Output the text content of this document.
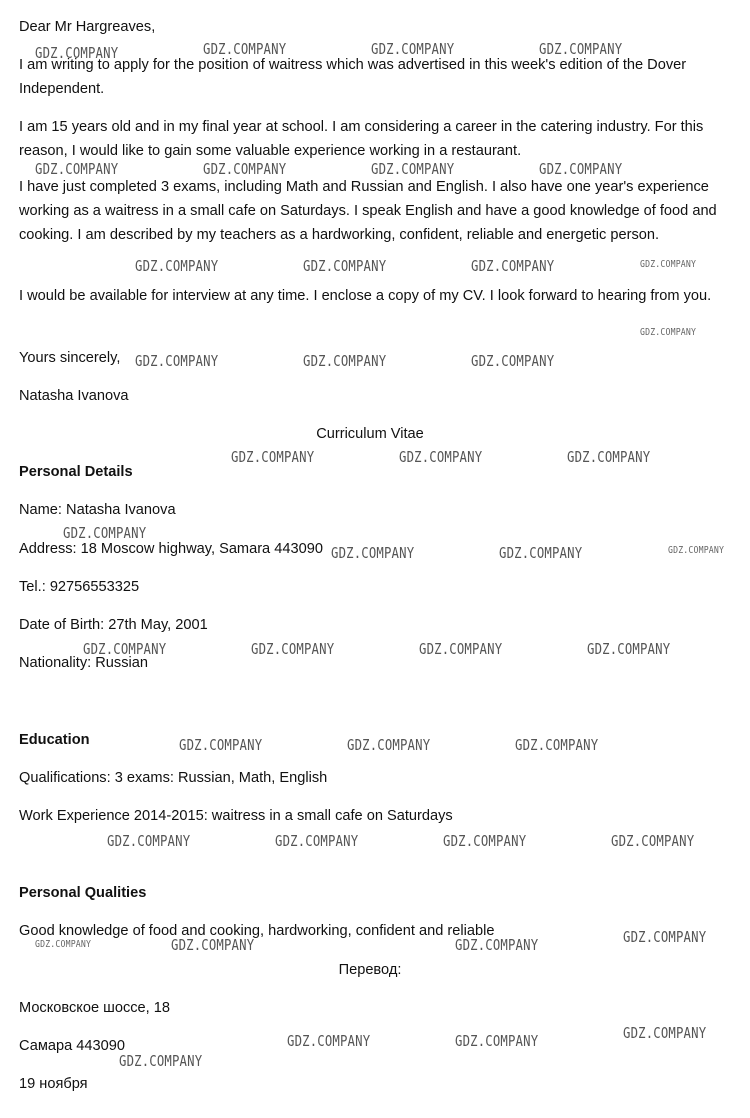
Dear Mr Hargreaves,
I am writing to apply for the position of waitress which was advertised in this week's edition of the Dover Independent.
I am 15 years old and in my final year at school. I am considering a career in the catering industry. For this reason, I would like to gain some valuable experience working in a restaurant.
I have just completed 3 exams, including Math and Russian and English. I also have one year's experience working as a waitress in a small cafe on Saturdays. I speak English and have a good knowledge of food and cooking. I am described by my teachers as a hardworking, confident, reliable and energetic person.
I would be available for interview at any time. I enclose a copy of my CV. I look forward to hearing from you.
Yours sincerely,
Natasha Ivanova
Curriculum Vitae
Personal Details
Name: Natasha Ivanova
Address: 18 Moscow highway, Samara 443090
Tel.: 92756553325
Date of Birth: 27th May, 2001
Nationality: Russian
Education
Qualifications: 3 exams: Russian, Math, English
Work Experience 2014-2015: waitress in a small cafe on Saturdays
Personal Qualities
Good knowledge of food and cooking, hardworking, confident and reliable
Перевод:
Московское шоссе, 18
Самара 443090
19 ноября
GDZ.COMPANY	GDZ.COMPANY	GDZ.COMPANY	GDZ.COMPANY
GDZ.COMPANY	GDZ.COMPANY	GDZ.COMPANY	GDZ.COMPANY
GDZ.COMPANY	GDZ.COMPANY	GDZ.COMPANY	GDZ.COMPANY
GDZ.COMPANY
GDZ.COMPANY	GDZ.COMPANY	GDZ.COMPANY
GDZ.COMPANY	GDZ.COMPANY	GDZ.COMPANY
GDZ.COMPANY
GDZ.COMPANY	GDZ.COMPANY	GDZ.COMPANY
GDZ.COMPANY	GDZ.COMPANY	GDZ.COMPANY	GDZ.COMPANY
GDZ.COMPANY	GDZ.COMPANY	GDZ.COMPANY
GDZ.COMPANY	GDZ.COMPANY	GDZ.COMPANY	GDZ.COMPANY
GDZ.COMPANY	GDZ.COMPANY	GDZ.COMPANY	GDZ.COMPANY
GDZ.COMPANY	GDZ.COMPANY	GDZ.COMPANY
GDZ.COMPANY
